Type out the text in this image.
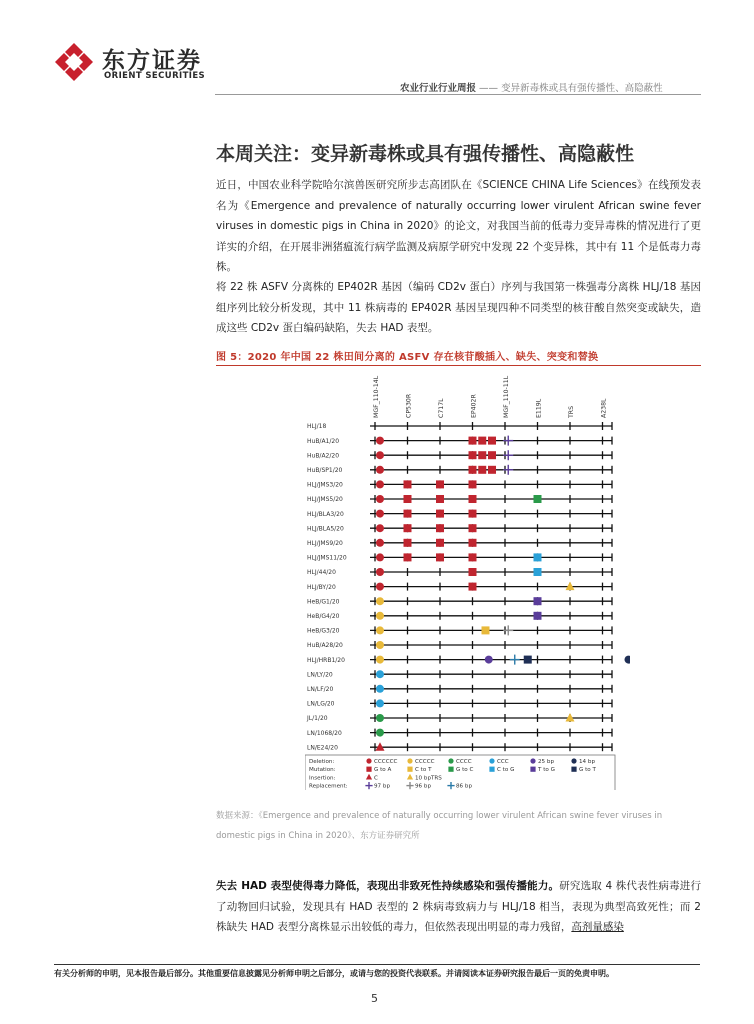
东方证券
ORIENT SECURITIES
农业行业行业周报 —— 变异新毒株或具有强传播性、高隐蔽性
本周关注：变异新毒株或具有强传播性、高隐蔽性
近日，中国农业科学院哈尔滨兽医研究所步志高团队在《SCIENCE CHINA Life Sciences》在线预发表名为《Emergence and prevalence of naturally occurring lower virulent African swine fever viruses in domestic pigs in China in 2020》的论文，对我国当前的低毒力变异毒株的情况进行了更详实的介绍，在开展非洲猪瘟流行病学监测及病原学研究中发现 22 个变异株，其中有 11 个是低毒力毒株。
将 22 株 ASFV 分离株的 EP402R 基因（编码 CD2v 蛋白）序列与我国第一株强毒分离株 HLJ/18 基因组序列比较分析发现，其中 11 株病毒的 EP402R 基因呈现四种不同类型的核苷酸自然突变或缺失，造成这些 CD2v 蛋白编码缺陷，失去 HAD 表型。
图 5：2020 年中国 22 株田间分离的 ASFV 存在核苷酸插入、缺失、突变和替换
MGF_110-14L	CP530R	C717L	EP402R	MGF_110-11L	E119L	TRS	A238L
HLJ/18
HuB/A1/20
HuB/A2/20
HuB/SP1/20
HLJ/JMS3/20
HLJ/JMS5/20
HLJ/BLA3/20
HLJ/BLA5/20
HLJ/JMS9/20
HLJ/JMS11/20
HLJ/44/20
HLJ/BY/20
HeB/G1/20
HeB/G4/20
HeB/G3/20
HuB/A28/20
HLJ/HRB1/20
LN/LY/20
LN/LF/20
LN/LG/20
JL/1/20
LN/1068/20
LN/E24/20
Deletion:	CCCCCC	CCCCC	CCCC	CCC	25 bp	14 bp
Mutation:	G to A	C to T	G to C	C to G	T to G	G to T
Insertion:	C	10 bpTRS
Replacement:	97 bp	96 bp	86 bp
数据来源：《Emergence and prevalence of naturally occurring lower virulent African swine fever viruses in domestic pigs in China in 2020》、东方证券研究所
失去 HAD 表型使得毒力降低，表现出非致死性持续感染和强传播能力。研究选取 4 株代表性病毒进行了动物回归试验，发现具有 HAD 表型的 2 株病毒致病力与 HLJ/18 相当，表现为典型高致死性；而 2 株缺失 HAD 表型分离株显示出较低的毒力，但依然表现出明显的毒力残留，高剂量感染
有关分析师的申明，见本报告最后部分。其他重要信息披露见分析师申明之后部分，或请与您的投资代表联系。并请阅读本证券研究报告最后一页的免责申明。
5
